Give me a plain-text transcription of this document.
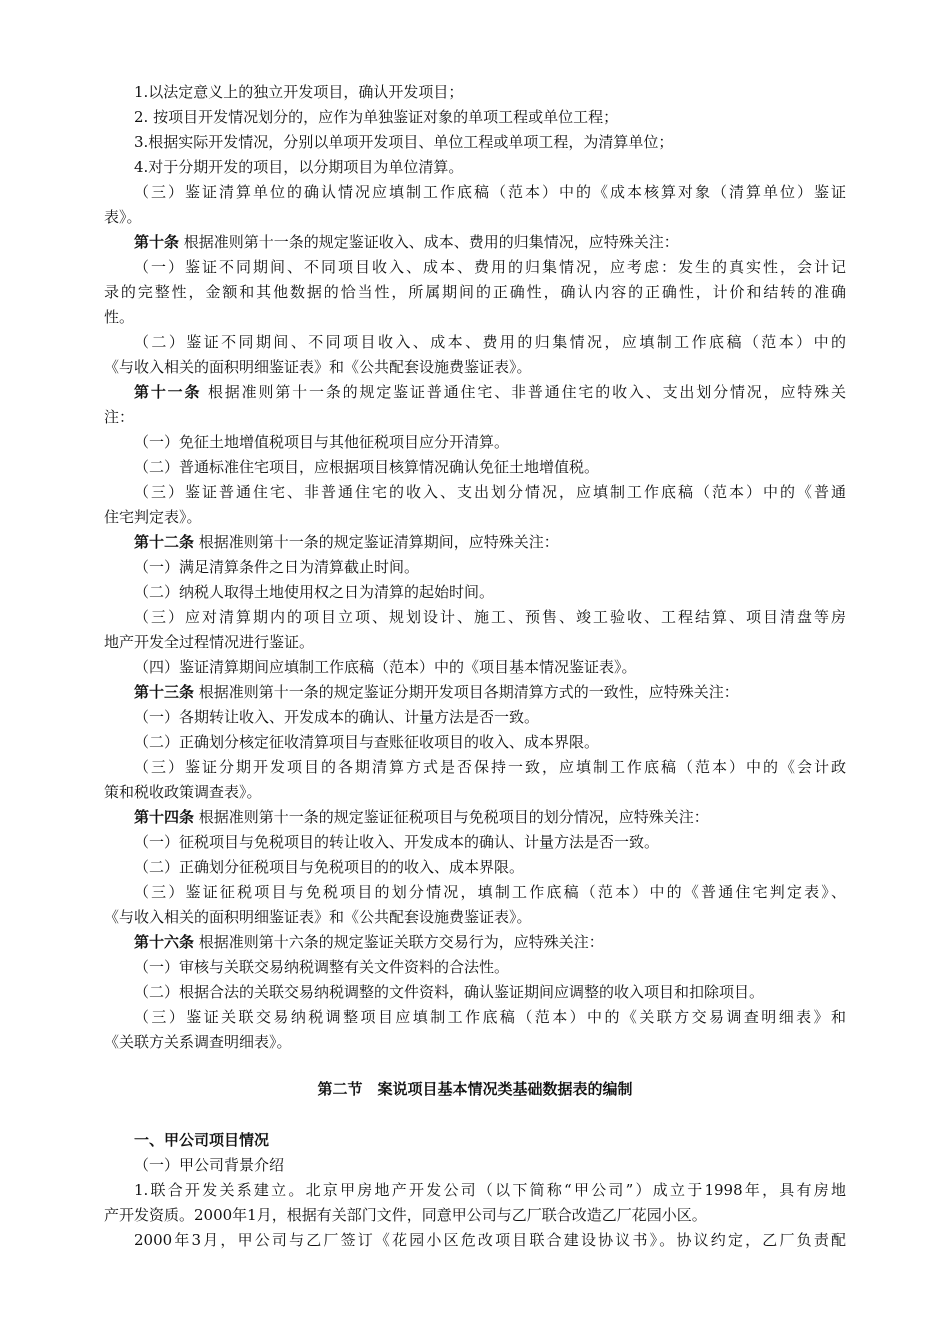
1.以法定意义上的独立开发项目，确认开发项目；

2. 按项目开发情况划分的，应作为单独鉴证对象的单项工程或单位工程；

3.根据实际开发情况，分别以单项开发项目、单位工程或单项工程，为清算单位；

4.对于分期开发的项目，以分期项目为单位清算。

（三）鉴证清算单位的确认情况应填制工作底稿（范本）中的《成本核算对象（清算单位）鉴证

表》。

第十条 根据准则第十一条的规定鉴证收入、成本、费用的归集情况，应特殊关注：

（一）鉴证不同期间、不同项目收入、成本、费用的归集情况，应考虑：发生的真实性，会计记

录的完整性，金额和其他数据的恰当性，所属期间的正确性，确认内容的正确性，计价和结转的准确

性。

（二）鉴证不同期间、不同项目收入、成本、费用的归集情况，应填制工作底稿（范本）中的

《与收入相关的面积明细鉴证表》和《公共配套设施费鉴证表》。

第十一条 根据准则第十一条的规定鉴证普通住宅、非普通住宅的收入、支出划分情况，应特殊关

注：

（一）免征土地增值税项目与其他征税项目应分开清算。

（二）普通标准住宅项目，应根据项目核算情况确认免征土地增值税。

（三）鉴证普通住宅、非普通住宅的收入、支出划分情况，应填制工作底稿（范本）中的《普通

住宅判定表》。

第十二条 根据准则第十一条的规定鉴证清算期间，应特殊关注：

（一）满足清算条件之日为清算截止时间。

（二）纳税人取得土地使用权之日为清算的起始时间。

（三）应对清算期内的项目立项、规划设计、施工、预售、竣工验收、工程结算、项目清盘等房

地产开发全过程情况进行鉴证。

（四）鉴证清算期间应填制工作底稿（范本）中的《项目基本情况鉴证表》。

第十三条 根据准则第十一条的规定鉴证分期开发项目各期清算方式的一致性，应特殊关注：

（一）各期转让收入、开发成本的确认、计量方法是否一致。

（二）正确划分核定征收清算项目与查账征收项目的收入、成本界限。

（三）鉴证分期开发项目的各期清算方式是否保持一致，应填制工作底稿（范本）中的《会计政

策和税收政策调查表》。

第十四条 根据准则第十一条的规定鉴证征税项目与免税项目的划分情况，应特殊关注：

（一）征税项目与免税项目的转让收入、开发成本的确认、计量方法是否一致。

（二）正确划分征税项目与免税项目的的收入、成本界限。

（三）鉴证征税项目与免税项目的划分情况，填制工作底稿（范本）中的《普通住宅判定表》、

《与收入相关的面积明细鉴证表》和《公共配套设施费鉴证表》。

第十六条 根据准则第十六条的规定鉴证关联方交易行为，应特殊关注：

（一）审核与关联交易纳税调整有关文件资料的合法性。

（二）根据合法的关联交易纳税调整的文件资料，确认鉴证期间应调整的收入项目和扣除项目。

（三）鉴证关联交易纳税调整项目应填制工作底稿（范本）中的《关联方交易调查明细表》和

《关联方关系调查明细表》。

第二节　案说项目基本情况类基础数据表的编制
一、甲公司项目情况

（一）甲公司背景介绍

1.联合开发关系建立。北京甲房地产开发公司（以下简称“甲公司”）成立于1998年，具有房地

产开发资质。2000年1月，根据有关部门文件，同意甲公司与乙厂联合改造乙厂花园小区。

2000年3月，甲公司与乙厂签订《花园小区危改项目联合建设协议书》。协议约定，乙厂负责配
